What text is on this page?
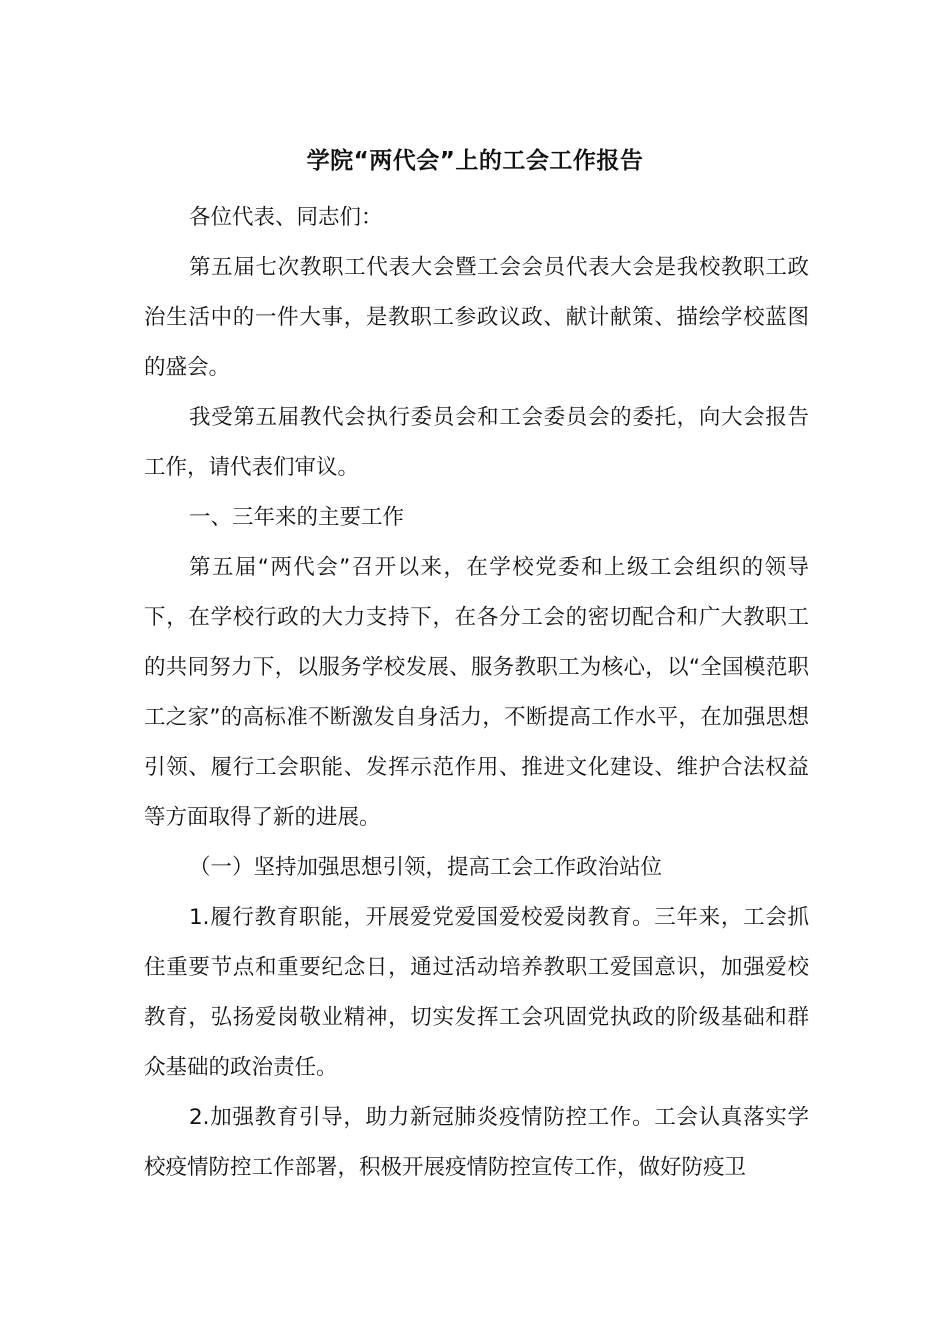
学院“两代会”上的工会工作报告

各位代表、同志们：

第五届七次教职工代表大会暨工会会员代表大会是我校教职工政治生活中的一件大事，是教职工参政议政、献计献策、描绘学校蓝图的盛会。

我受第五届教代会执行委员会和工会委员会的委托，向大会报告工作，请代表们审议。

一、三年来的主要工作

第五届“两代会”召开以来，在学校党委和上级工会组织的领导下，在学校行政的大力支持下，在各分工会的密切配合和广大教职工的共同努力下，以服务学校发展、服务教职工为核心，以“全国模范职工之家”的高标准不断激发自身活力，不断提高工作水平，在加强思想引领、履行工会职能、发挥示范作用、推进文化建设、维护合法权益等方面取得了新的进展。

（一）坚持加强思想引领，提高工会工作政治站位

1.履行教育职能，开展爱党爱国爱校爱岗教育。三年来，工会抓住重要节点和重要纪念日，通过活动培养教职工爱国意识，加强爱校教育，弘扬爱岗敬业精神，切实发挥工会巩固党执政的阶级基础和群众基础的政治责任。

2.加强教育引导，助力新冠肺炎疫情防控工作。工会认真落实学校疫情防控工作部署，积极开展疫情防控宣传工作，做好防疫卫
